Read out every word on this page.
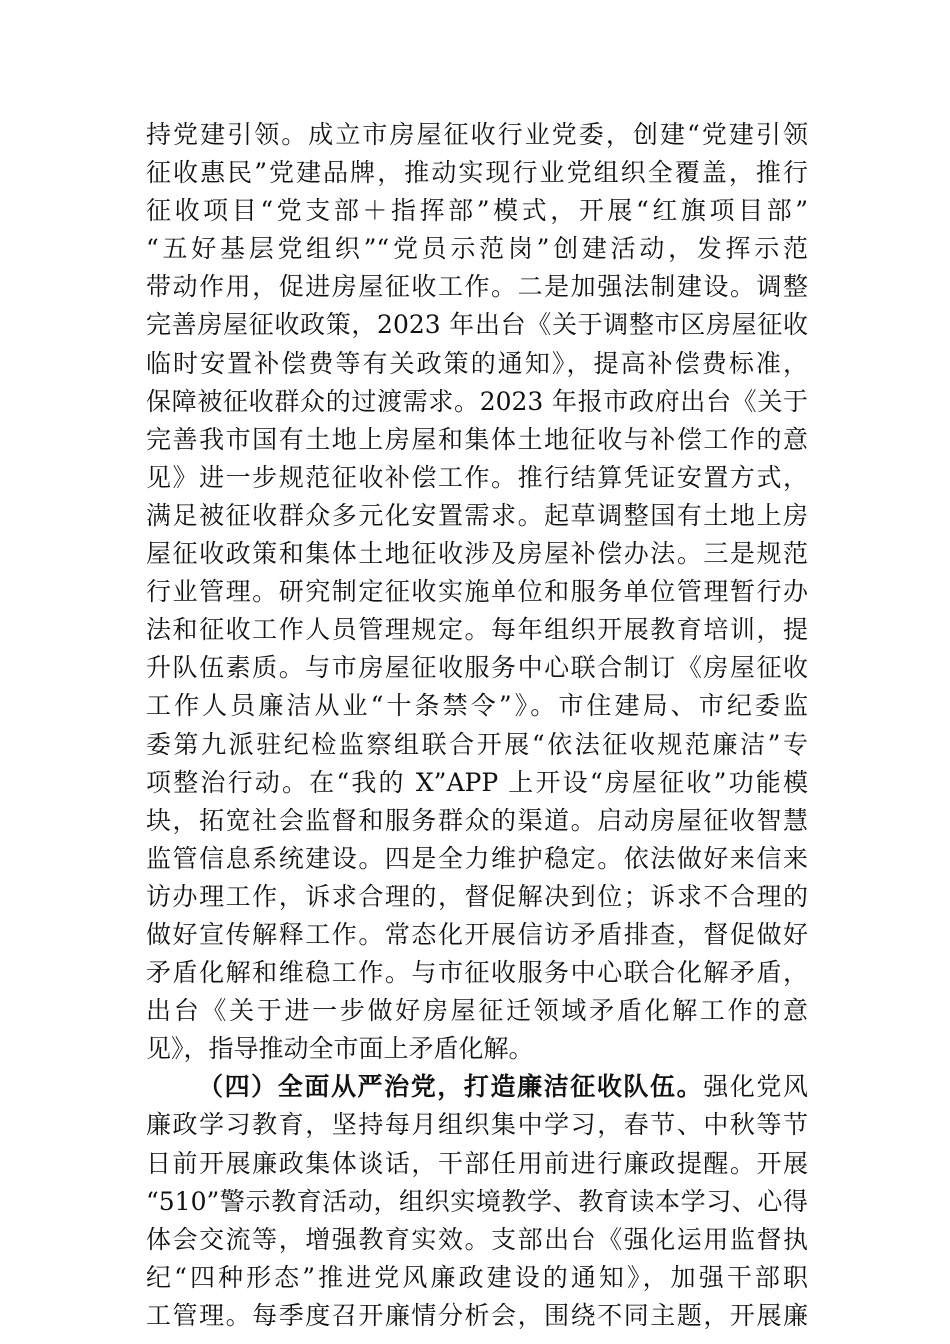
持党建引领。成立市房屋征收行业党委，创建“党建引领
征收惠民”党建品牌，推动实现行业党组织全覆盖，推行
征收项目“党支部＋指挥部”模式，开展“红旗项目部”
“五好基层党组织”“党员示范岗”创建活动，发挥示范
带动作用，促进房屋征收工作。二是加强法制建设。调整
完善房屋征收政策，2023 年出台《关于调整市区房屋征收
临时安置补偿费等有关政策的通知》，提高补偿费标准，
保障被征收群众的过渡需求。2023 年报市政府出台《关于
完善我市国有土地上房屋和集体土地征收与补偿工作的意
见》进一步规范征收补偿工作。推行结算凭证安置方式，
满足被征收群众多元化安置需求。起草调整国有土地上房
屋征收政策和集体土地征收涉及房屋补偿办法。三是规范
行业管理。研究制定征收实施单位和服务单位管理暂行办
法和征收工作人员管理规定。每年组织开展教育培训，提
升队伍素质。与市房屋征收服务中心联合制订《房屋征收
工作人员廉洁从业“十条禁令”》。市住建局、市纪委监
委第九派驻纪检监察组联合开展“依法征收规范廉洁”专
项整治行动。在“我的 X”APP 上开设“房屋征收”功能模
块，拓宽社会监督和服务群众的渠道。启动房屋征收智慧
监管信息系统建设。四是全力维护稳定。依法做好来信来
访办理工作，诉求合理的，督促解决到位；诉求不合理的
做好宣传解释工作。常态化开展信访矛盾排查，督促做好
矛盾化解和维稳工作。与市征收服务中心联合化解矛盾，
出台《关于进一步做好房屋征迁领域矛盾化解工作的意
见》，指导推动全市面上矛盾化解。
（四）全面从严治党，打造廉洁征收队伍。强化党风
廉政学习教育，坚持每月组织集中学习，春节、中秋等节
日前开展廉政集体谈话，干部任用前进行廉政提醒。开展
“510”警示教育活动，组织实境教学、教育读本学习、心得
体会交流等，增强教育实效。支部出台《强化运用监督执
纪“四种形态”推进党风廉政建设的通知》，加强干部职
工管理。每季度召开廉情分析会，围绕不同主题，开展廉
